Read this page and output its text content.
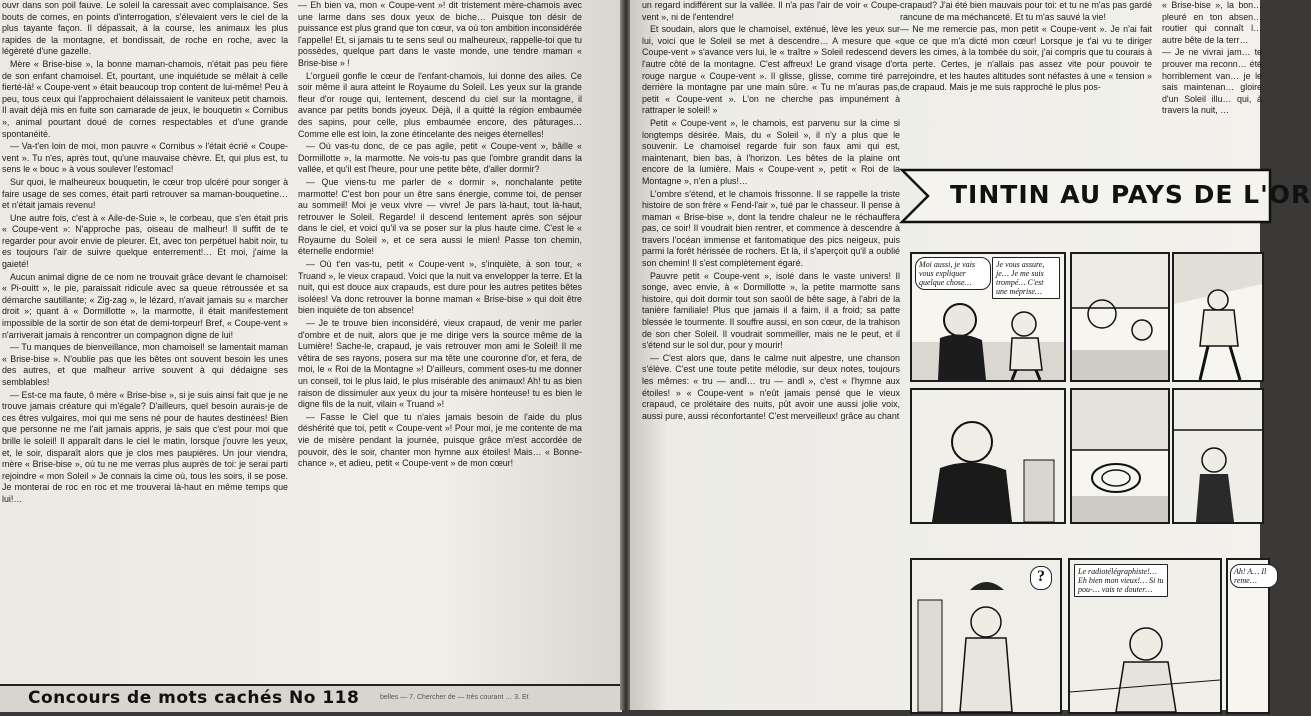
ouvr dans son poil fauve. Le soleil la caressait avec complaisance. Ses bouts de cornes, en points d'interrogation, s'élevaient vers le ciel de la plus tayante façon. Il dépassait, à la course, les animaux les plus rapides de la montagne, et bondissait, de roche en roche, avec la légèreté d'une gazelle.

Mère « Brise-bise », la bonne maman-chamois, n'était pas peu fière de son enfant chamoisel. Et, pourtant, une inquiétude se mêlait à celle fierté-là! « Coupe-vent » était beaucoup trop content de lui-même! Peu à peu, tous ceux qui l'approchaient délaissaient le vaniteux petit chamois. Il avait déjà mis en fuite son camarade de jeux, le bouquetin « Cornibus », animal pourtant doué de cornes respectables et d'une grande spontanéité.

— Va-t'en loin de moi, mon pauvre « Cornibus » l'était écrié « Coupe-vent ». Tu n'es, après tout, qu'une mauvaise chèvre. Et, qui plus est, tu sens le « bouc » à vous soulever l'estomac!

Sur quoi, le malheureux bouquetin, le cœur trop ulcéré pour songer à faire usage de ses cornes, était parti retrouver sa maman-bouquetine… et n'était jamais revenu!

Une autre fois, c'est à « Aile-de-Suie », le corbeau, que s'en était pris « Coupe-vent »: N'approche pas, oiseau de malheur! Il suffit de te regarder pour avoir envie de pleurer. Et, avec ton perpétuel habit noir, tu es toujours l'air de suivre quelque enterrement!… Et moi, j'aime la gaieté!

Aucun animal digne de ce nom ne trouvait grâce devant le chamoisel: « Pi-ouitt », le pie, paraissait ridicule avec sa queue rétroussée et sa démarche sautillante; « Zig-zag », le lézard, n'avait jamais su « marcher droit »; quant à « Dormillotte », la marmotte, il était manifestement impossible de la sortir de son état de demi-torpeur! Bref, « Coupe-vent » n'arriverait jamais à rencontrer un compagnon digne de lui!

— Tu manques de bienveillance, mon chamoisel! se lamentait maman « Brise-bise ». N'oublie pas que les bêtes ont souvent besoin les unes des autres, et que malheur arrive souvent à qui dédaigne ses semblables!

— Est-ce ma faute, ô mère « Brise-bise », si je suis ainsi fait que je ne trouve jamais créature qui m'égale? D'ailleurs, quel besoin aurais-je de ces êtres vulgaires, moi qui me sens né pour de hautes destinées! Bien que personne ne me l'ait jamais appris, je sais que c'est pour moi que brille le soleil! Il apparaît dans le ciel le matin, lorsque j'ouvre les yeux, et, le soir, disparaît alors que je clos mes paupières. Un jour viendra, mère « Brise-bise », où tu ne me verras plus auprès de toi: je serai parti rejoindre « mon Soleil » Je connais la cime où, tous les soirs, il se pose. Je monterai de roc en roc et me trouverai là-haut en même temps que lui!…

— Eh bien va, mon « Coupe-vent »! dit tristement mère-chamois avec une larme dans ses doux yeux de biche… Puisque ton désir de puissance est plus grand que ton cœur, va où ton ambition inconsidérée l'appelle! Et, si jamais tu te sens seul ou malheureux, rappelle-toi que tu possèdes, quelque part dans le vaste monde, une tendre maman « Brise-bise » !

L'orgueil gonfle le cœur de l'enfant-chamois, lui donne des ailes. Ce soir même il aura atteint le Royaume du Soleil. Les yeux sur la grande fleur d'or rouge qui, lentement, descend du ciel sur la montagne, il avance par petits bonds joyeux. Déjà, il a quitté la région embaumée des sapins, pour celle, plus embaumée encore, des pâturages… Comme elle est loin, la zone étincelante des neiges éternelles!

— Où vas-tu donc, de ce pas agile, petit « Coupe-vent », bâille « Dormillotte », la marmotte. Ne vois-tu pas que l'ombre grandit dans la vallée, et qu'il est l'heure, pour une petite bête, d'aller dormir?

— Que viens-tu me parler de « dormir », nonchalante petite marmotte! C'est bon pour un être sans énergie, comme toi, de penser au sommeil! Moi je veux vivre — vivre! Je pars là-haut, tout là-haut, retrouver le Soleil. Regarde! il descend lentement après son séjour dans le ciel, et voici qu'il va se poser sur la plus haute cime. C'est le « Royaume du Soleil », et ce sera aussi le mien! Passe ton chemin, éternelle endormie!

— Où t'en vas-tu, petit « Coupe-vent », s'inquiète, à son tour, « Truand », le vieux crapaud. Voici que la nuit va envelopper la terre. Et la nuit, qui est douce aux crapauds, est dure pour les autres petites bêtes isolées! Va donc retrouver la bonne maman « Brise-bise » qui doit être bien inquiète de ton absence!

— Je te trouve bien inconsidéré, vieux crapaud, de venir me parler d'ombre et de nuit, alors que je me dirige vers la source même de la Lumière! Sache-le, crapaud, je vais retrouver mon ami le Soleil! Il me vêtira de ses rayons, posera sur ma tête une couronne d'or, et fera, de moi, le « Roi de la Montagne »! D'ailleurs, comment oses-tu me donner un conseil, toi le plus laid, le plus misérable des animaux! Ah! tu as bien raison de dissimuler aux yeux du jour ta misère honteuse! tu es bien le digne fils de la nuit, vilain « Truand »!

— Fasse le Ciel que tu n'aies jamais besoin de l'aide du plus déshérité que toi, petit « Coupe-vent »! Pour moi, je me contente de ma vie de misère pendant la journée, puisque grâce m'est accordée de pouvoir, dès le soir, chanter mon hymne aux étoiles! Mais… « Bonne-chance », et adieu, petit « Coupe-vent » de mon cœur!

Concours de mots cachés No 118	belles — 7. Chercher de — très courant … 3. Et

un regard indifférent sur la vallée. Il n'a pas l'air de voir « Coupe-vent », ni de l'entendre!

Et soudain, alors que le chamoisel, exténué, lève les yeux sur lui, voici que le Soleil se met à descendre… A mesure que « Coupe-vent » s'avance vers lui, le « traître » Soleil redescend de l'autre côté de la montagne. C'est affreux! Le grand visage d'or rouge nargue « Coupe-vent ». Il glisse, glisse, comme tiré par derrière la montagne par une main sûre. « Tu ne m'auras pas, petit « Coupe-vent ». L'on ne cherche pas impunément à rattraper le soleil! »

Petit « Coupe-vent », le chamois, est parvenu sur la cime si longtemps désirée. Mais, du « Soleil », il n'y a plus que le souvenir. Le chamoisel regarde fuir son faux ami qui est, maintenant, bien bas, à l'horizon. Les bêtes de la plaine ont encore de la lumière. Mais « Coupe-vent », petit « Roi de la Montagne », n'en a plus!…

L'ombre s'étend, et le chamois frissonne. Il se rappelle la triste histoire de son frère « Fend-l'air », tué par le chasseur. Il pense à maman « Brise-bise », dont la tendre chaleur ne le réchauffera pas, ce soir! Il voudrait bien rentrer, et commence à descendre à travers l'océan immense et fantomatique des pics neigeux, puis parmi la forêt hérissée de rochers. Et là, il s'aperçoit qu'il a oublié son chemin! Il s'est complètement égaré.

Pauvre petit « Coupe-vent », isolé dans le vaste univers! Il songe, avec envie, à « Dormillotte », la petite marmotte sans histoire, qui doit dormir tout son saoûl de bête sage, à l'abri de la tanière familiale! Plus que jamais il a faim, il a froid; sa patte blessée le tourmente. Il souffre aussi, en son cœur, de la trahison de son cher Soleil. Il voudrait sommeiller, mais ne le peut, et il s'étend sur le sol dur, pour y mourir!

— C'est alors que, dans le calme nuit alpestre, une chanson s'élève. C'est une toute petite mélodie, sur deux notes, toujours les mêmes: « tru — andl… tru — andl », c'est « l'hymne aux étoiles! » « Coupe-vent » n'eût jamais pensé que le vieux crapaud, ce prolétaire des nuits, pût avoir une aussi jolie voix, aussi pure, aussi réconfortante! C'est merveilleux! grâce au chant

crapaud? J'ai été bien mauvais pour toi: et tu ne m'as pas gardé rancune de ma méchanceté. Et tu m'as sauvé la vie!

— Ne me remercie pas, mon petit « Coupe-vent ». Je n'ai fait que ce que m'a dicté mon cœur! Lorsque je t'ai vu te diriger vers les cimes, à la tombée du soir, j'ai compris que tu courais à ta perte. Certes, je n'allais pas assez vite pour pouvoir te rejoindre, et les hautes altitudes sont néfastes à une « tension » de crapaud. Mais je me suis rapproché le plus pos-

« Brise-bise », la bon… pleuré en ton absen… routier qui connaît l… autre bête de la terr…

— Je ne vivrai jam… te prouver ma reconn… été horriblement van… je le sais maintenan… gloire d'un Soleil illu… qui, à travers la nuit, …

TINTIN AU PAYS DE L'OR
Moi aussi, je vais vous expliquer quelque chose…
Je vous assure, je… Je me suis trompé… C'est une méprise…
?	Le radiotélégraphiste!… Eh bien mon vieux!… Si tu pou-… vais te douter…
Ah! A… Il reme…
